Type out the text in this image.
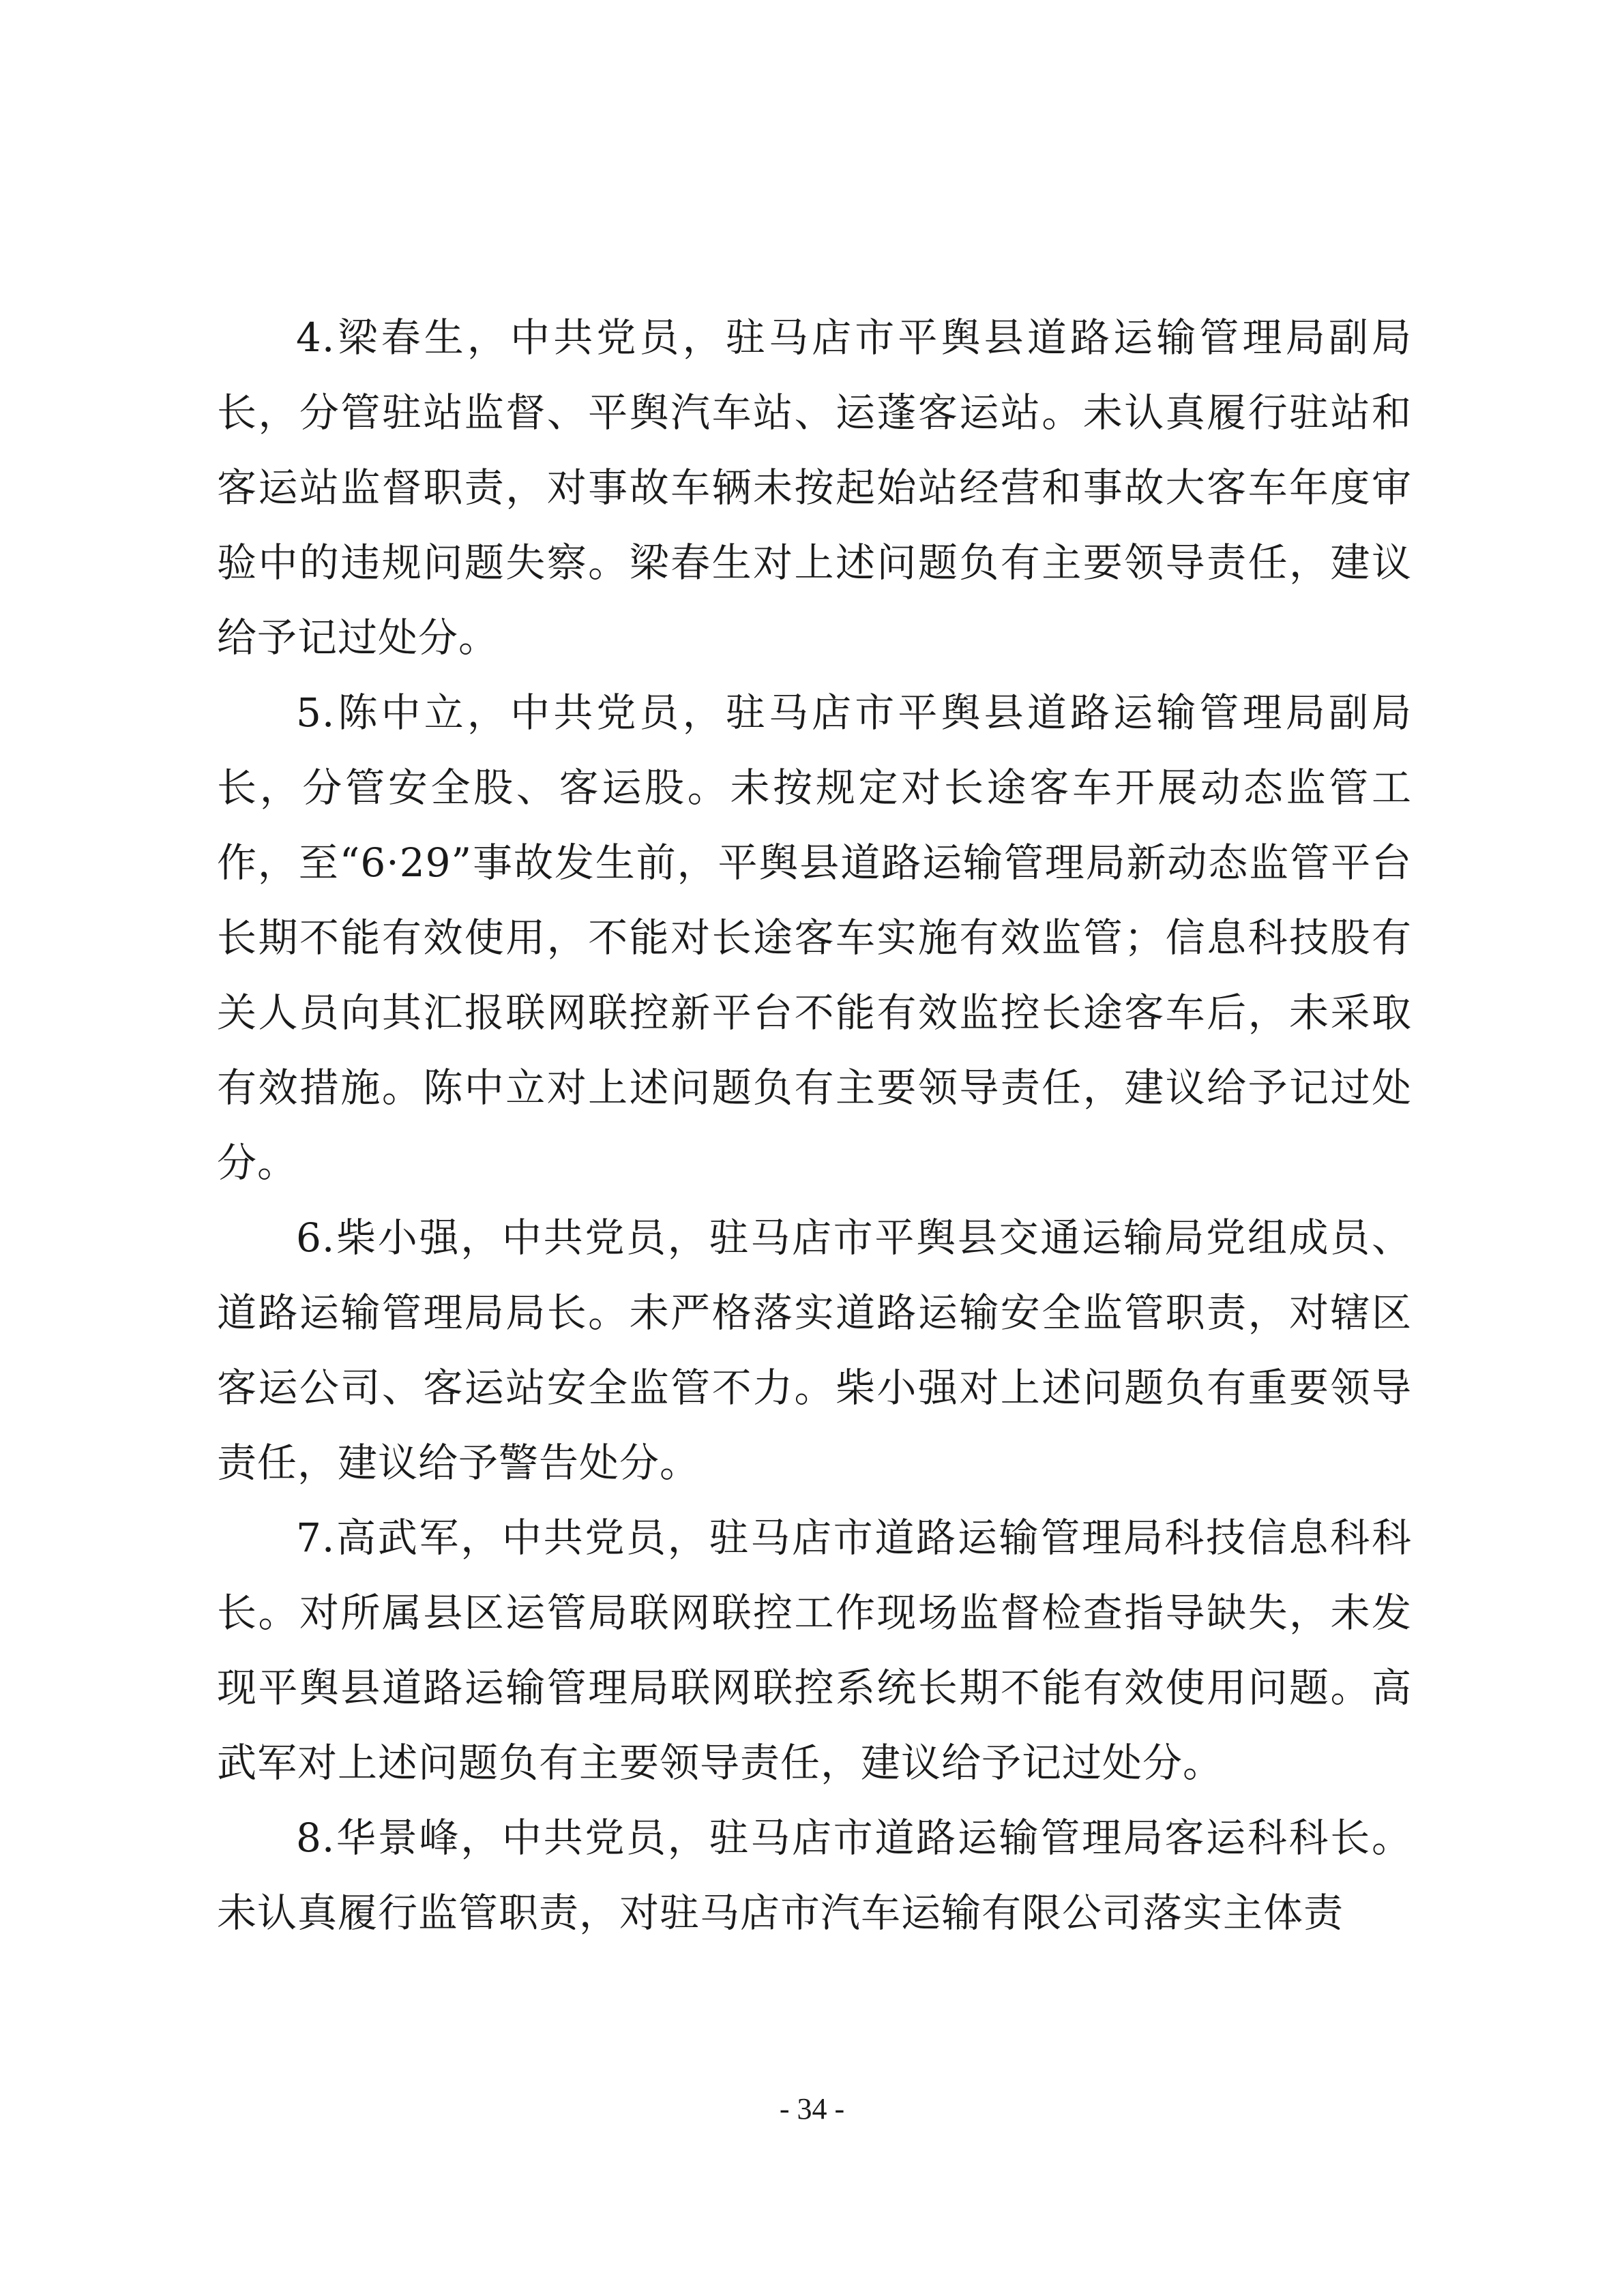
4.梁春生，中共党员，驻马店市平舆县道路运输管理局副局长，分管驻站监督、平舆汽车站、运蓬客运站。未认真履行驻站和客运站监督职责，对事故车辆未按起始站经营和事故大客车年度审验中的违规问题失察。梁春生对上述问题负有主要领导责任，建议给予记过处分。

5.陈中立，中共党员，驻马店市平舆县道路运输管理局副局长，分管安全股、客运股。未按规定对长途客车开展动态监管工作，至“6·29”事故发生前，平舆县道路运输管理局新动态监管平台长期不能有效使用，不能对长途客车实施有效监管；信息科技股有关人员向其汇报联网联控新平台不能有效监控长途客车后，未采取有效措施。陈中立对上述问题负有主要领导责任，建议给予记过处分。

6.柴小强，中共党员，驻马店市平舆县交通运输局党组成员、道路运输管理局局长。未严格落实道路运输安全监管职责，对辖区客运公司、客运站安全监管不力。柴小强对上述问题负有重要领导责任，建议给予警告处分。

7.高武军，中共党员，驻马店市道路运输管理局科技信息科科长。对所属县区运管局联网联控工作现场监督检查指导缺失，未发现平舆县道路运输管理局联网联控系统长期不能有效使用问题。高武军对上述问题负有主要领导责任，建议给予记过处分。

8.华景峰，中共党员，驻马店市道路运输管理局客运科科长。未认真履行监管职责，对驻马店市汽车运输有限公司落实主体责

- 34 -
